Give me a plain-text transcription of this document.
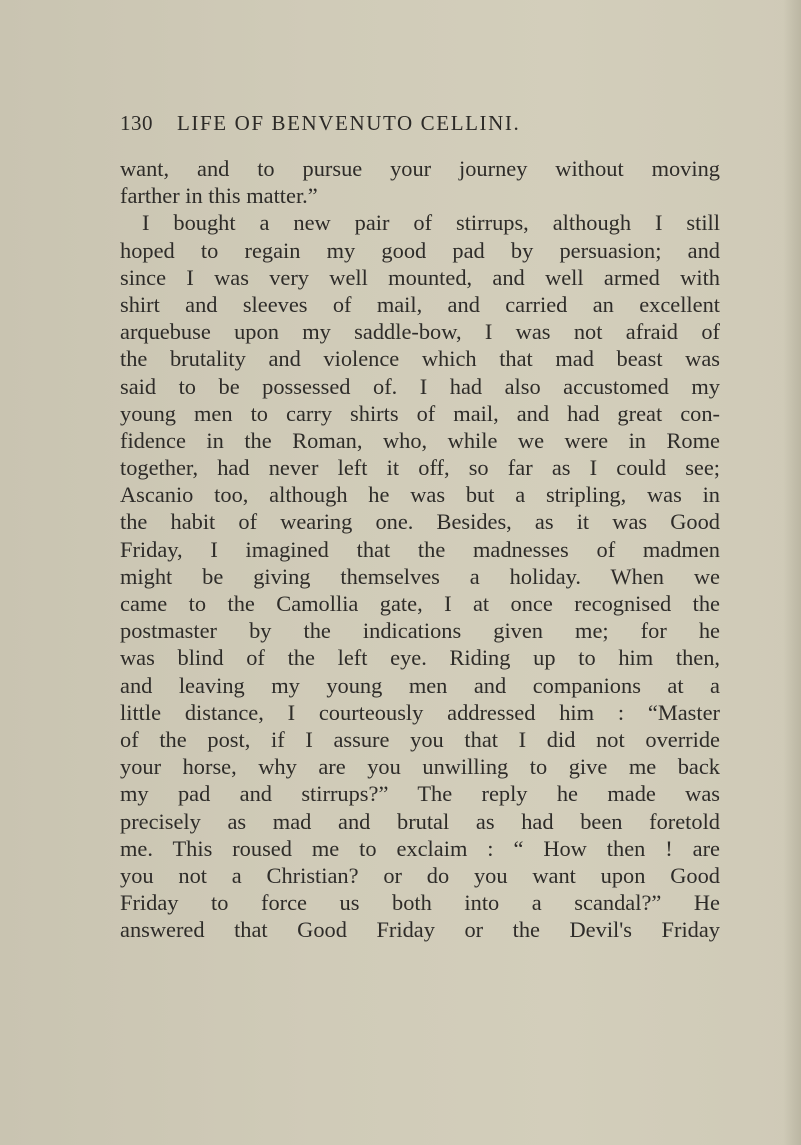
130 LIFE OF BENVENUTO CELLINI.
want, and to pursue your journey without moving
farther in this matter.”
I bought a new pair of stirrups, although I still
hoped to regain my good pad by persuasion; and
since I was very well mounted, and well armed with
shirt and sleeves of mail, and carried an excellent
arquebuse upon my saddle-bow, I was not afraid of
the brutality and violence which that mad beast was
said to be possessed of. I had also accustomed my
young men to carry shirts of mail, and had great con-
fidence in the Roman, who, while we were in Rome
together, had never left it off, so far as I could see;
Ascanio too, although he was but a stripling, was in
the habit of wearing one. Besides, as it was Good
Friday, I imagined that the madnesses of madmen
might be giving themselves a holiday. When we
came to the Camollia gate, I at once recognised the
postmaster by the indications given me; for he
was blind of the left eye. Riding up to him then,
and leaving my young men and companions at a
little distance, I courteously addressed him : “Master
of the post, if I assure you that I did not override
your horse, why are you unwilling to give me back
my pad and stirrups?” The reply he made was
precisely as mad and brutal as had been foretold
me. This roused me to exclaim : “ How then ! are
you not a Christian? or do you want upon Good
Friday to force us both into a scandal?” He
answered that Good Friday or the Devil's Friday
